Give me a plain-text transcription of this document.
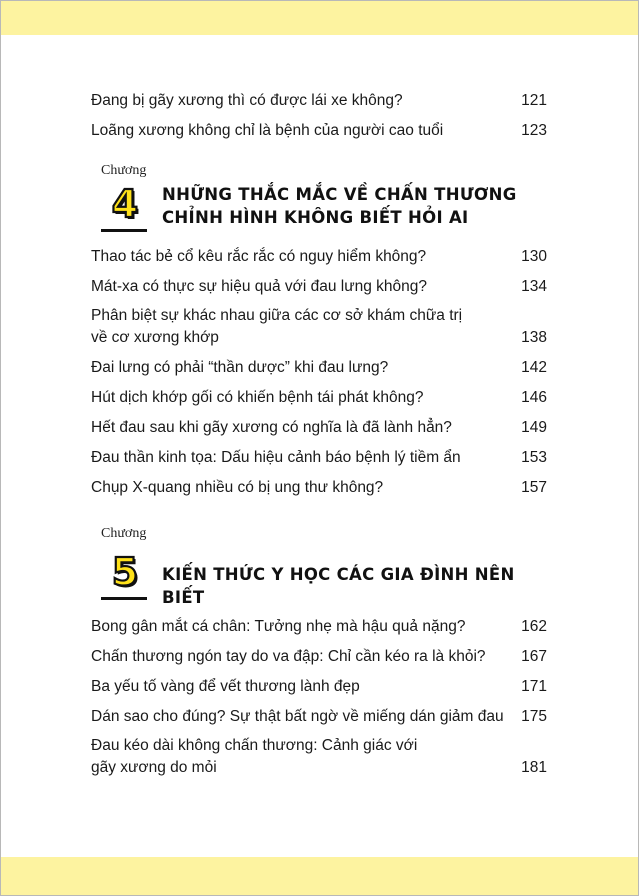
Đang bị gãy xương thì có được lái xe không?	121
Loãng xương không chỉ là bệnh của người cao tuổi	123
Chương
4	NHỮNG THẮC MẮC VỀ CHẤN THƯƠNG
CHỈNH HÌNH KHÔNG BIẾT HỎI AI
Thao tác bẻ cổ kêu rắc rắc có nguy hiểm không?	130
Mát-xa có thực sự hiệu quả với đau lưng không?	134
Phân biệt sự khác nhau giữa các cơ sở khám chữa trị
về cơ xương khớp	138
Đai lưng có phải “thần dược” khi đau lưng?	142
Hút dịch khớp gối có khiến bệnh tái phát không?	146
Hết đau sau khi gãy xương có nghĩa là đã lành hẳn?	149
Đau thần kinh tọa: Dấu hiệu cảnh báo bệnh lý tiềm ẩn	153
Chụp X-quang nhiều có bị ung thư không?	157
Chương
5	KIẾN THỨC Y HỌC CÁC GIA ĐÌNH NÊN BIẾT
Bong gân mắt cá chân: Tưởng nhẹ mà hậu quả nặng?	162
Chấn thương ngón tay do va đập: Chỉ cần kéo ra là khỏi?	167
Ba yếu tố vàng để vết thương lành đẹp	171
Dán sao cho đúng? Sự thật bất ngờ về miếng dán giảm đau	175
Đau kéo dài không chấn thương: Cảnh giác với
gãy xương do mỏi	181
